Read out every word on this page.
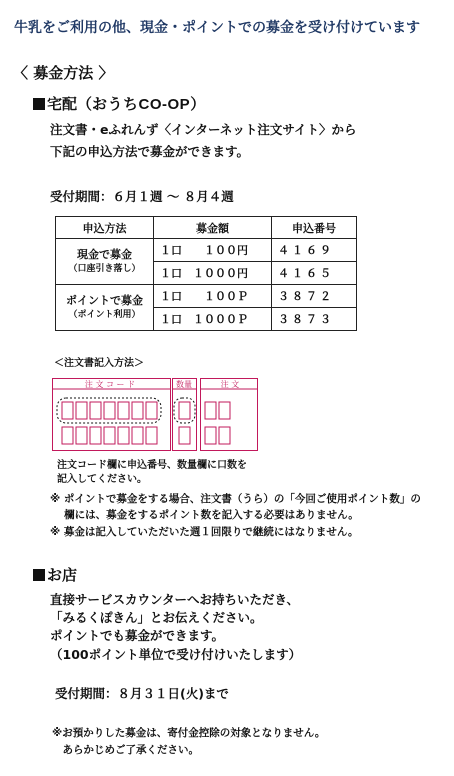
牛乳をご利用の他、現金・ポイントでの募金を受け付けています
〈 募金方法 〉
宅配（おうちCO-OP）
注文書・eふれんず〈インターネット注文サイト〉から
下記の申込方法で募金ができます。
受付期間：６月１週 〜 ８月４週
申込方法	募金額	申込番号

現金で募金
（口座引き落し）	１口　　１００円	４１６９
	１口　１０００円	４１６５

ポイントで募金
（ポイント利用）	１口　　１００Ｐ	３８７２
	１口　１０００Ｐ	３８７３
＜注文書記入方法＞
注 文 コ ー ド	数量	注 文
注文コード欄に申込番号、数量欄に口数を
記入してください。
※ ポイントで募金をする場合、注文書（うら）の「今回ご使用ポイント数」の
　 欄には、募金をするポイント数を記入する必要はありません。
※ 募金は記入していただいた週１回限りで継続にはなりません。
お店
直接サービスカウンターへお持ちいただき、
「みるくぽきん」とお伝えください。
ポイントでも募金ができます。
（100ポイント単位で受け付けいたします）
受付期間：８月３１日(火)まで
※お預かりした募金は、寄付金控除の対象となりません。
　あらかじめご了承ください。
